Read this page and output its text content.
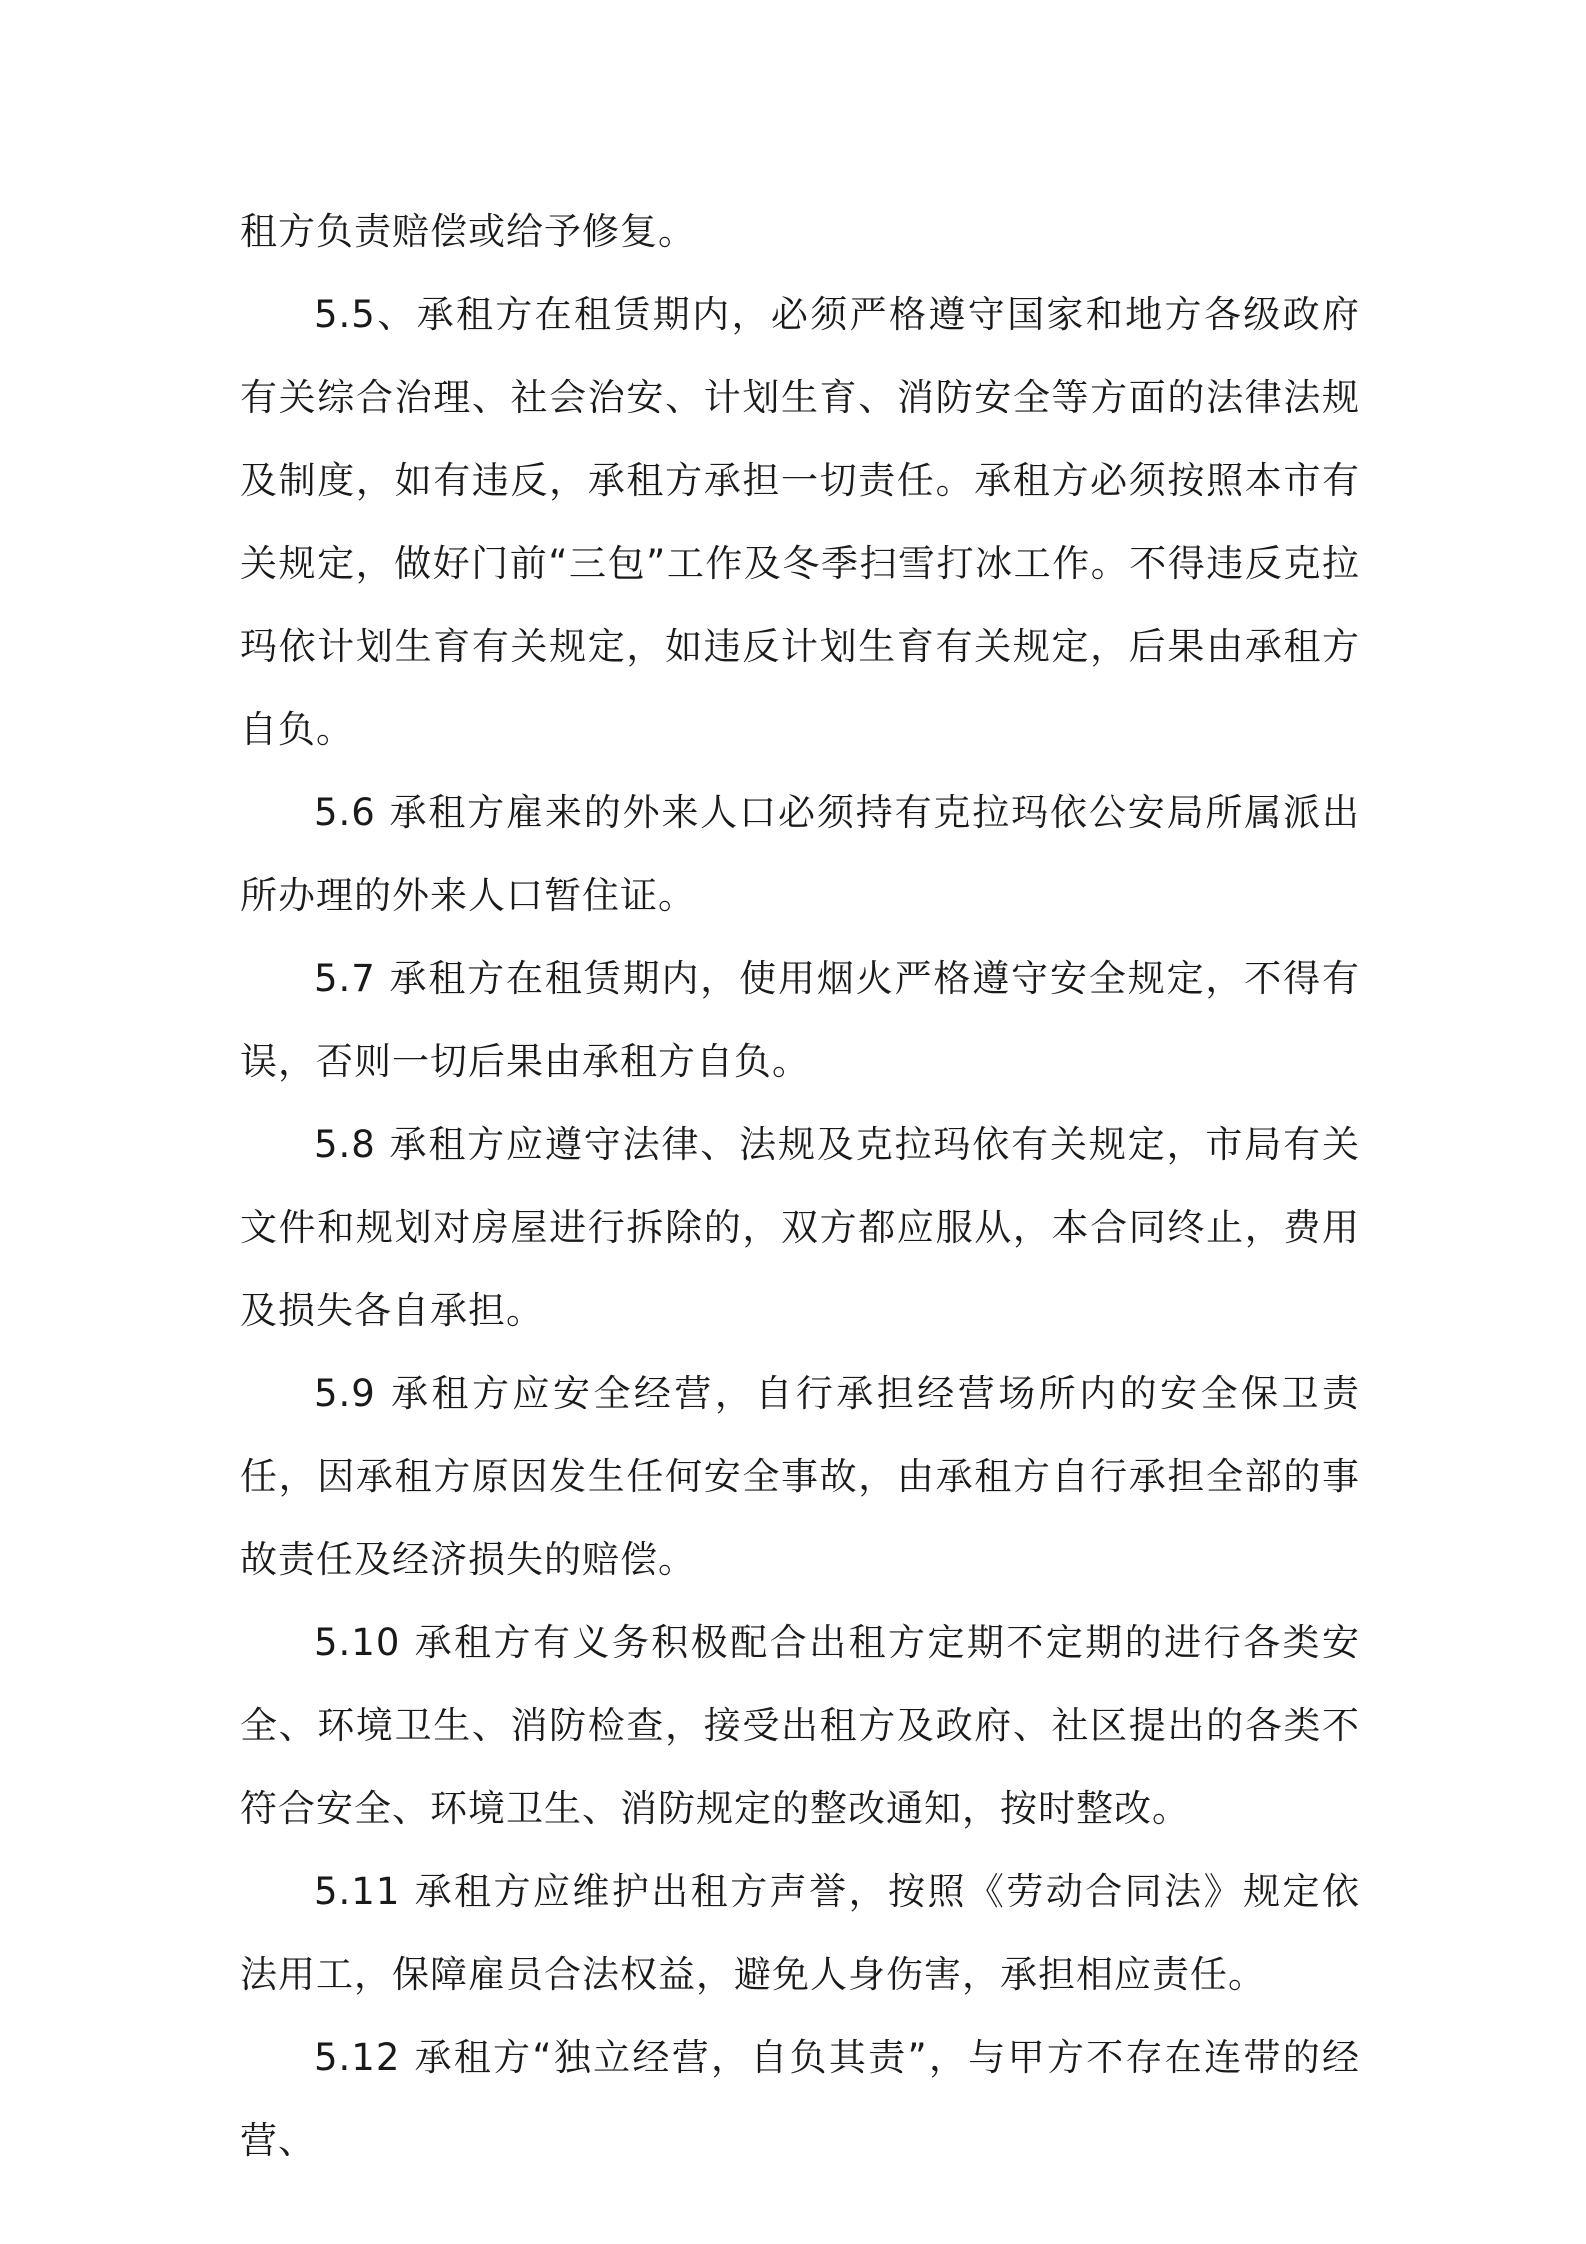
租方负责赔偿或给予修复。

5.5、承租方在租赁期内，必须严格遵守国家和地方各级政府有关综合治理、社会治安、计划生育、消防安全等方面的法律法规及制度，如有违反，承租方承担一切责任。承租方必须按照本市有关规定，做好门前“三包”工作及冬季扫雪打冰工作。不得违反克拉玛依计划生育有关规定，如违反计划生育有关规定，后果由承租方自负。

5.6 承租方雇来的外来人口必须持有克拉玛依公安局所属派出所办理的外来人口暂住证。

5.7 承租方在租赁期内，使用烟火严格遵守安全规定，不得有误，否则一切后果由承租方自负。

5.8 承租方应遵守法律、法规及克拉玛依有关规定，市局有关文件和规划对房屋进行拆除的，双方都应服从，本合同终止，费用及损失各自承担。

5.9 承租方应安全经营，自行承担经营场所内的安全保卫责任，因承租方原因发生任何安全事故，由承租方自行承担全部的事故责任及经济损失的赔偿。

5.10 承租方有义务积极配合出租方定期不定期的进行各类安全、环境卫生、消防检查，接受出租方及政府、社区提出的各类不符合安全、环境卫生、消防规定的整改通知，按时整改。

5.11 承租方应维护出租方声誉，按照《劳动合同法》规定依法用工，保障雇员合法权益，避免人身伤害，承担相应责任。

5.12 承租方“独立经营，自负其责”，与甲方不存在连带的经营、
